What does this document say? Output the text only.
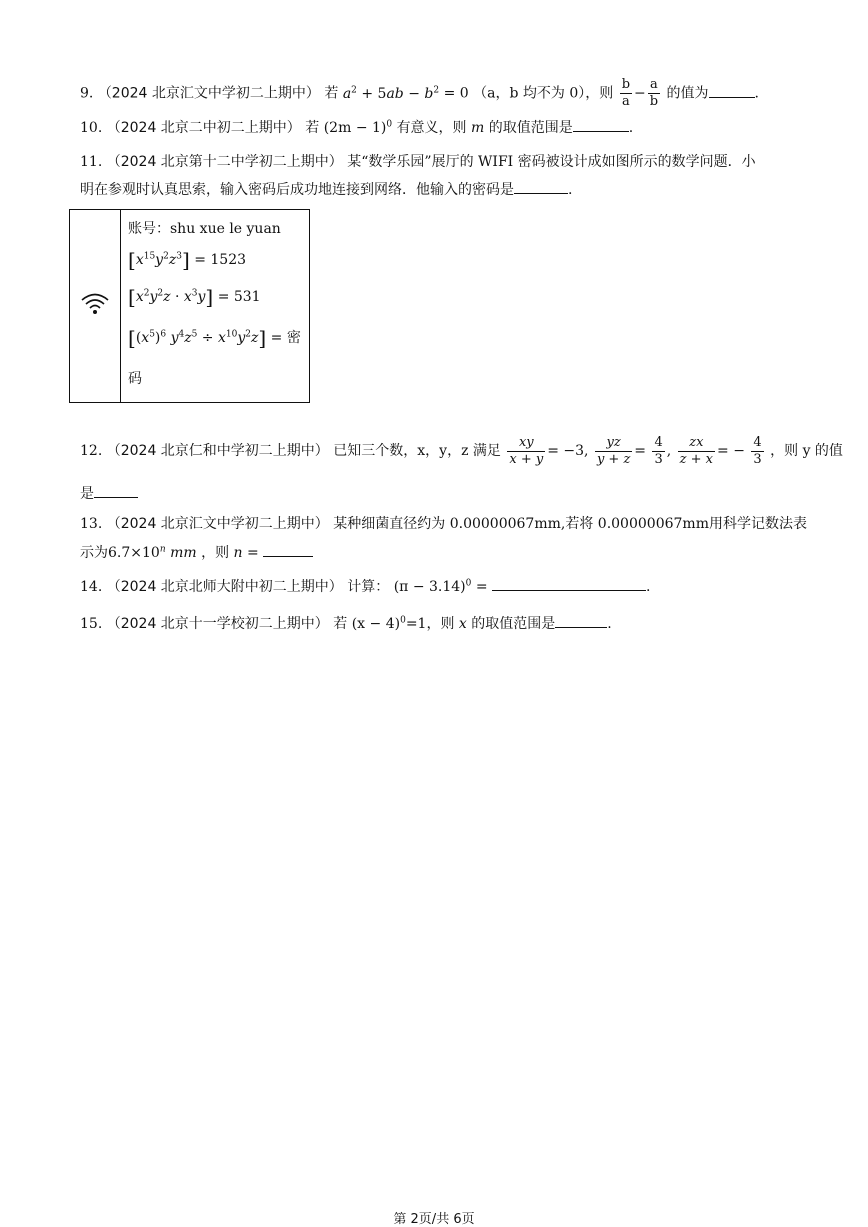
9. （2024 北京汇文中学初二上期中） 若 $a^2 + 5ab - b^2 = 0$ （a，b 均不为 0），则 $\frac{b}{a} - \frac{a}{b}$ 的值为	.
10. （2024 北京二中初二上期中） 若 $(2m - 1)^0$ 有意义，则 m 的取值范围是	.
11. （2024 北京第十二中学初二上期中） 某“数学乐园”展厅的 WIFI 密码被设计成如图所示的数学问题．小
明在参观时认真思索，输入密码后成功地连接到网络．他输入的密码是	.
账号：shu xue le yuan
$[x^{15}y^2z^3] = 1523$
$[x^2y^2z \cdot x^3y] = 531$
[$(x^5)^6$ $y^4z^5 \div x^{10}y^2z$] = 密
码
12. （2024 北京仁和中学初二上期中） 已知三个数，x，y，z 满足 $\frac{xy}{x + y} = -3$, $\frac{yz}{y + z} = \frac{4}{3}$ , $\frac{zx}{z + x}$ = − $\frac{4}{3}$ ，则 y 的值
是
13. （2024 北京汇文中学初二上期中） 某种细菌直径约为 0.00000067mm,若将 0.00000067mm用科学记数法表
示为$6.7\times 10^n$ mm ，则 n =
14. （2024 北京北师大附中初二上期中） 计算： $(\pi - 3.14)^0$ =	.
15. （2024 北京十一学校初二上期中） 若 $(x - 4)^0=1$，则 x 的取值范围是	.
第 2页/共 6页
